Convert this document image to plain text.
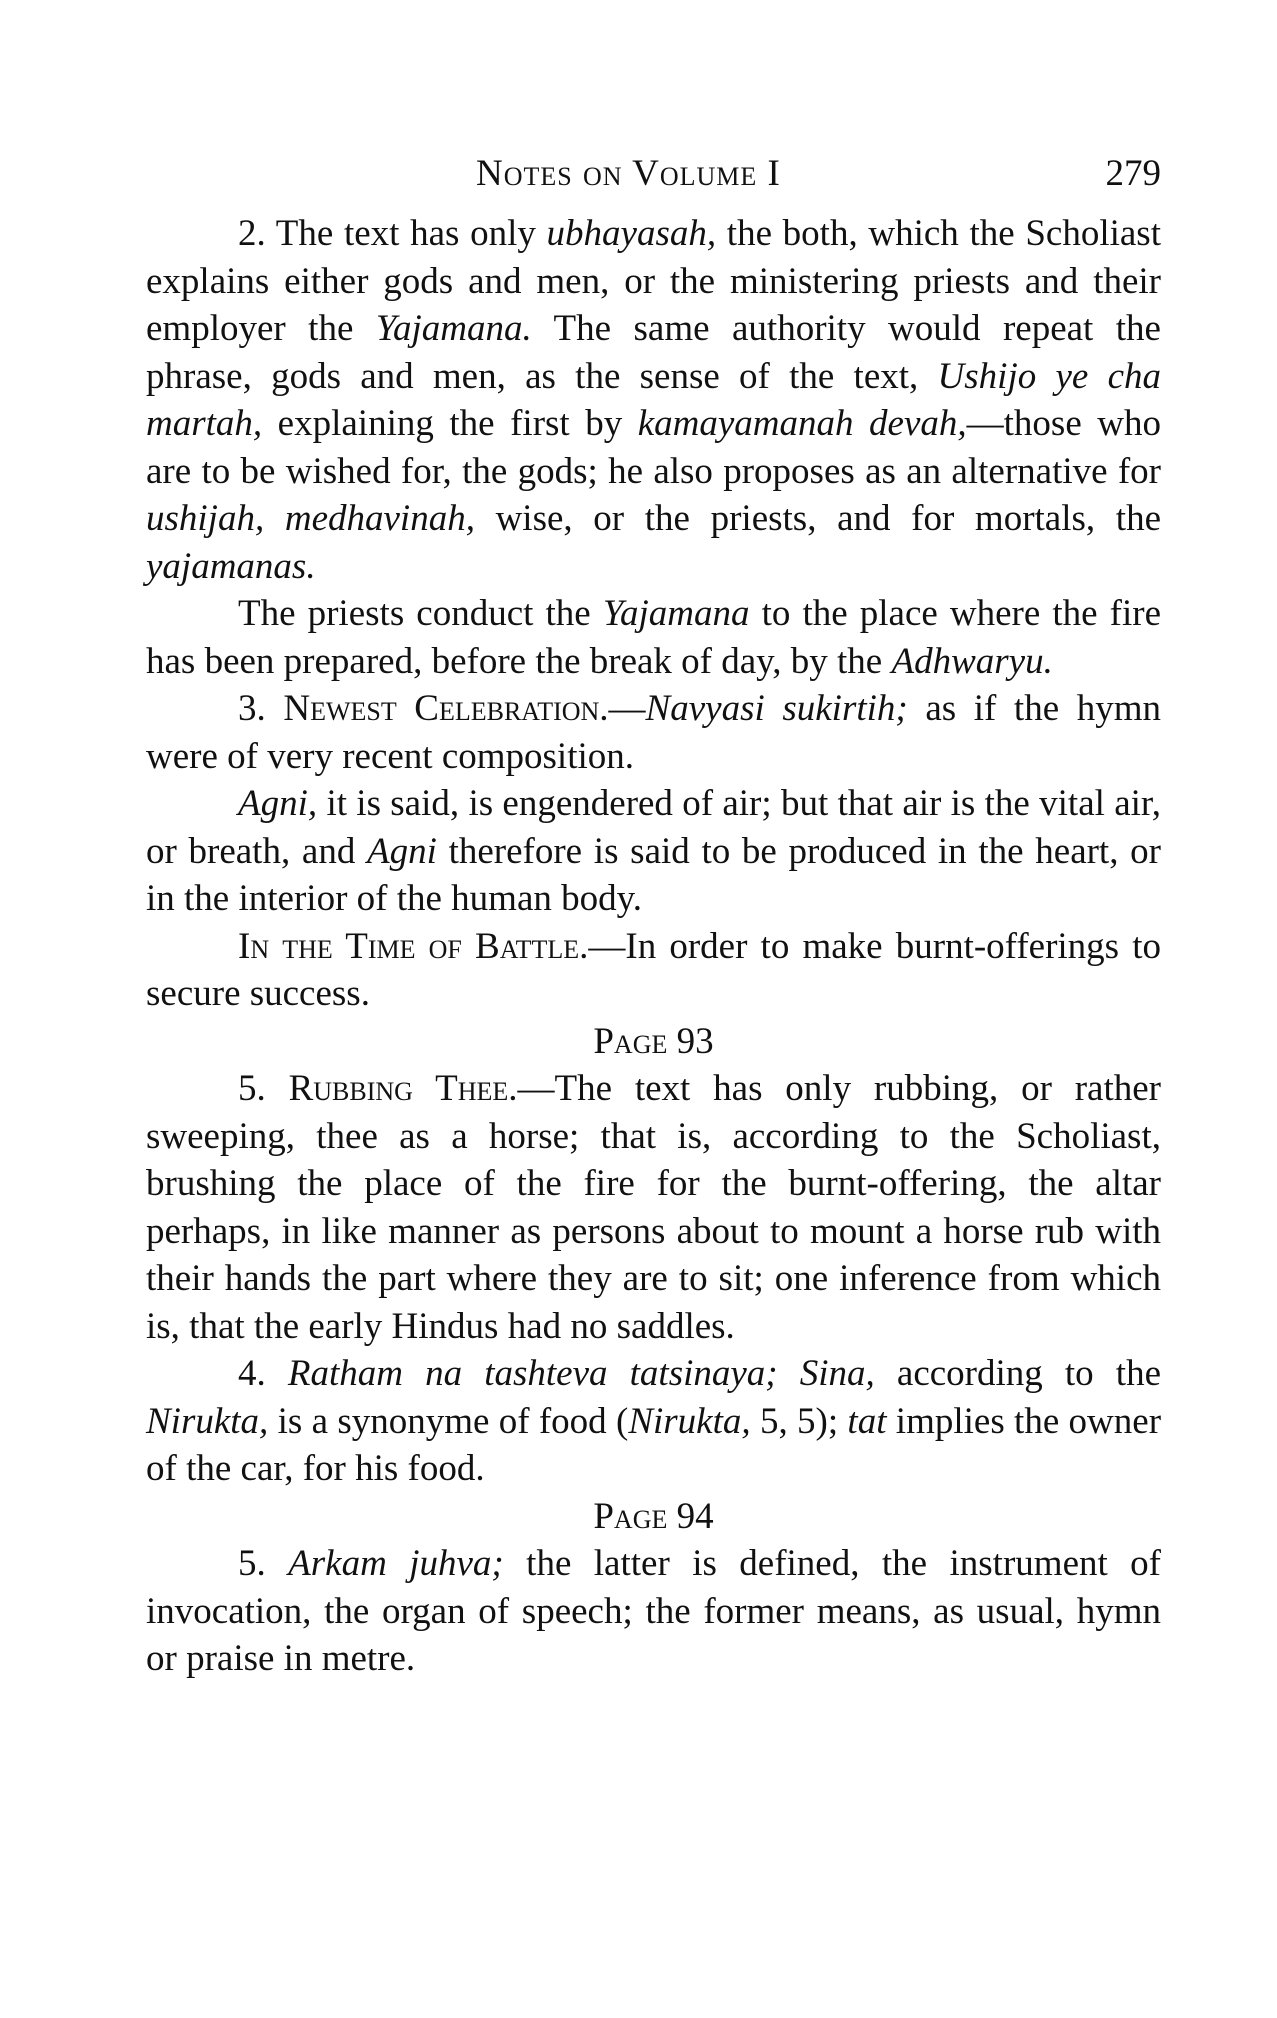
Notes on Volume I	279

2. The text has only ubhayasah, the both, which the Scholiast explains either gods and men, or the ministering priests and their employer the Yajamana. The same authority would repeat the phrase, gods and men, as the sense of the text, Ushijo ye cha martah, explaining the first by kamayamanah devah,—those who are to be wished for, the gods; he also proposes as an alternative for ushijah, medhavinah, wise, or the priests, and for mortals, the yajamanas.

The priests conduct the Yajamana to the place where the fire has been prepared, before the break of day, by the Adhwaryu.

3. Newest Celebration.—Navyasi sukirtih; as if the hymn were of very recent composition.

Agni, it is said, is engendered of air; but that air is the vital air, or breath, and Agni therefore is said to be produced in the heart, or in the interior of the human body.

In the Time of Battle.—In order to make burnt-offerings to secure success.

Page 93

5. Rubbing Thee.—The text has only rubbing, or rather sweeping, thee as a horse; that is, according to the Scholiast, brushing the place of the fire for the burnt-offering, the altar perhaps, in like manner as persons about to mount a horse rub with their hands the part where they are to sit; one inference from which is, that the early Hindus had no saddles.

4. Ratham na tashteva tatsinaya; Sina, according to the Nirukta, is a synonyme of food (Nirukta, 5, 5); tat implies the owner of the car, for his food.

Page 94

5. Arkam juhva; the latter is defined, the instrument of invocation, the organ of speech; the former means, as usual, hymn or praise in metre.
